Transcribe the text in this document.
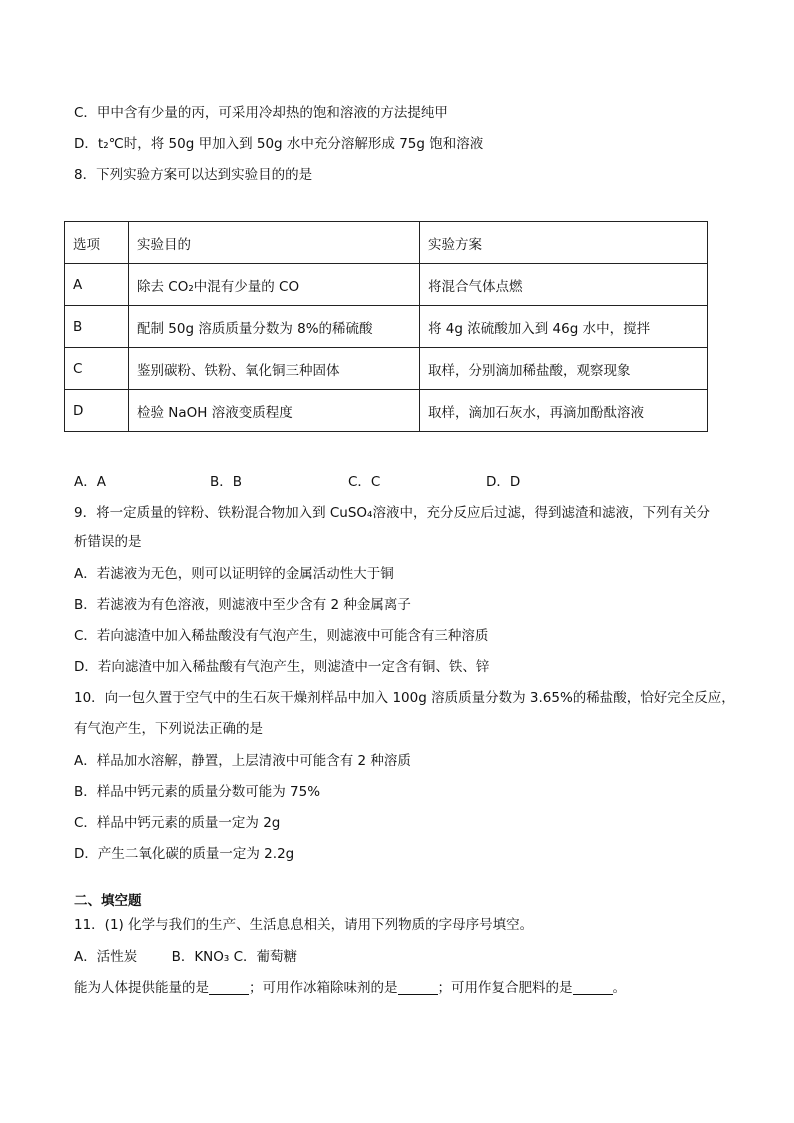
C．甲中含有少量的丙，可采用冷却热的饱和溶液的方法提纯甲
D．t₂℃时，将 50g 甲加入到 50g 水中充分溶解形成 75g 饱和溶液
8．下列实验方案可以达到实验目的的是
选项	实验目的	实验方案
A	除去 CO₂中混有少量的 CO	将混合气体点燃
B	配制 50g 溶质质量分数为 8%的稀硫酸	将 4g 浓硫酸加入到 46g 水中，搅拌
C	鉴别碳粉、铁粉、氧化铜三种固体	取样，分别滴加稀盐酸，观察现象
D	检验 NaOH 溶液变质程度	取样，滴加石灰水，再滴加酚酞溶液
A．A	B．B	C．C	D．D
9．将一定质量的锌粉、铁粉混合物加入到 CuSO₄溶液中，充分反应后过滤，得到滤渣和滤液，下列有关分
析错误的是
A．若滤液为无色，则可以证明锌的金属活动性大于铜
B．若滤液为有色溶液，则滤液中至少含有 2 种金属离子
C．若向滤渣中加入稀盐酸没有气泡产生，则滤液中可能含有三种溶质
D．若向滤渣中加入稀盐酸有气泡产生，则滤渣中一定含有铜、铁、锌
10．向一包久置于空气中的生石灰干燥剂样品中加入 100g 溶质质量分数为 3.65%的稀盐酸，恰好完全反应，
有气泡产生，下列说法正确的是
A．样品加水溶解，静置，上层清液中可能含有 2 种溶质
B．样品中钙元素的质量分数可能为 75%
C．样品中钙元素的质量一定为 2g
D．产生二氧化碳的质量一定为 2.2g
二、填空题
11．(1) 化学与我们的生产、生活息息相关，请用下列物质的字母序号填空。
A．活性炭        B．KNO₃ C．葡萄糖
能为人体提供能量的是	；可用作冰箱除味剂的是	；可用作复合肥料的是	。
